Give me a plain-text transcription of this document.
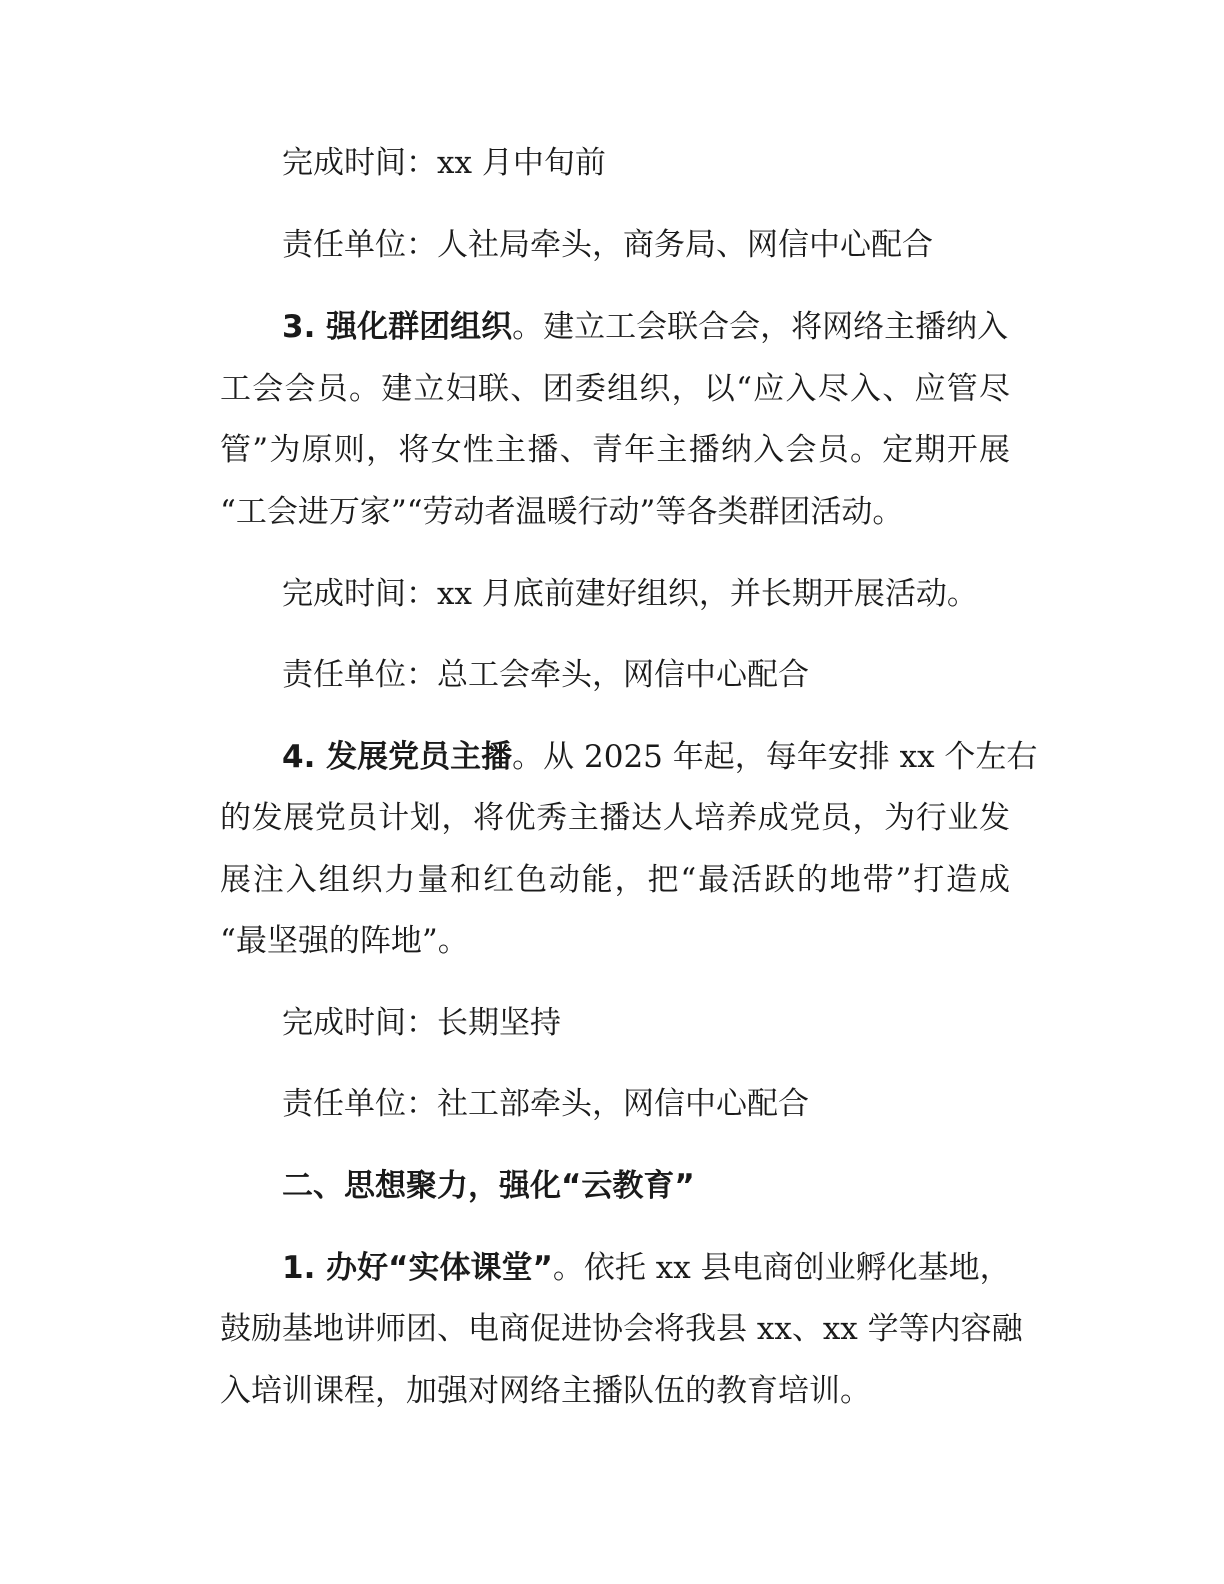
完成时间：xx 月中旬前
责任单位：人社局牵头，商务局、网信中心配合
3. 强化群团组织。建立工会联合会，将网络主播纳入
工会会员。建立妇联、团委组织，以“应入尽入、应管尽
管”为原则，将女性主播、青年主播纳入会员。定期开展
“工会进万家”“劳动者温暖行动”等各类群团活动。
完成时间：xx 月底前建好组织，并长期开展活动。
责任单位：总工会牵头，网信中心配合
4. 发展党员主播。从 2025 年起，每年安排 xx 个左右
的发展党员计划，将优秀主播达人培养成党员，为行业发
展注入组织力量和红色动能，把“最活跃的地带”打造成
“最坚强的阵地”。
完成时间：长期坚持
责任单位：社工部牵头，网信中心配合
二、思想聚力，强化“云教育”
1. 办好“实体课堂”。依托 xx 县电商创业孵化基地，
鼓励基地讲师团、电商促进协会将我县 xx、xx 学等内容融
入培训课程，加强对网络主播队伍的教育培训。
